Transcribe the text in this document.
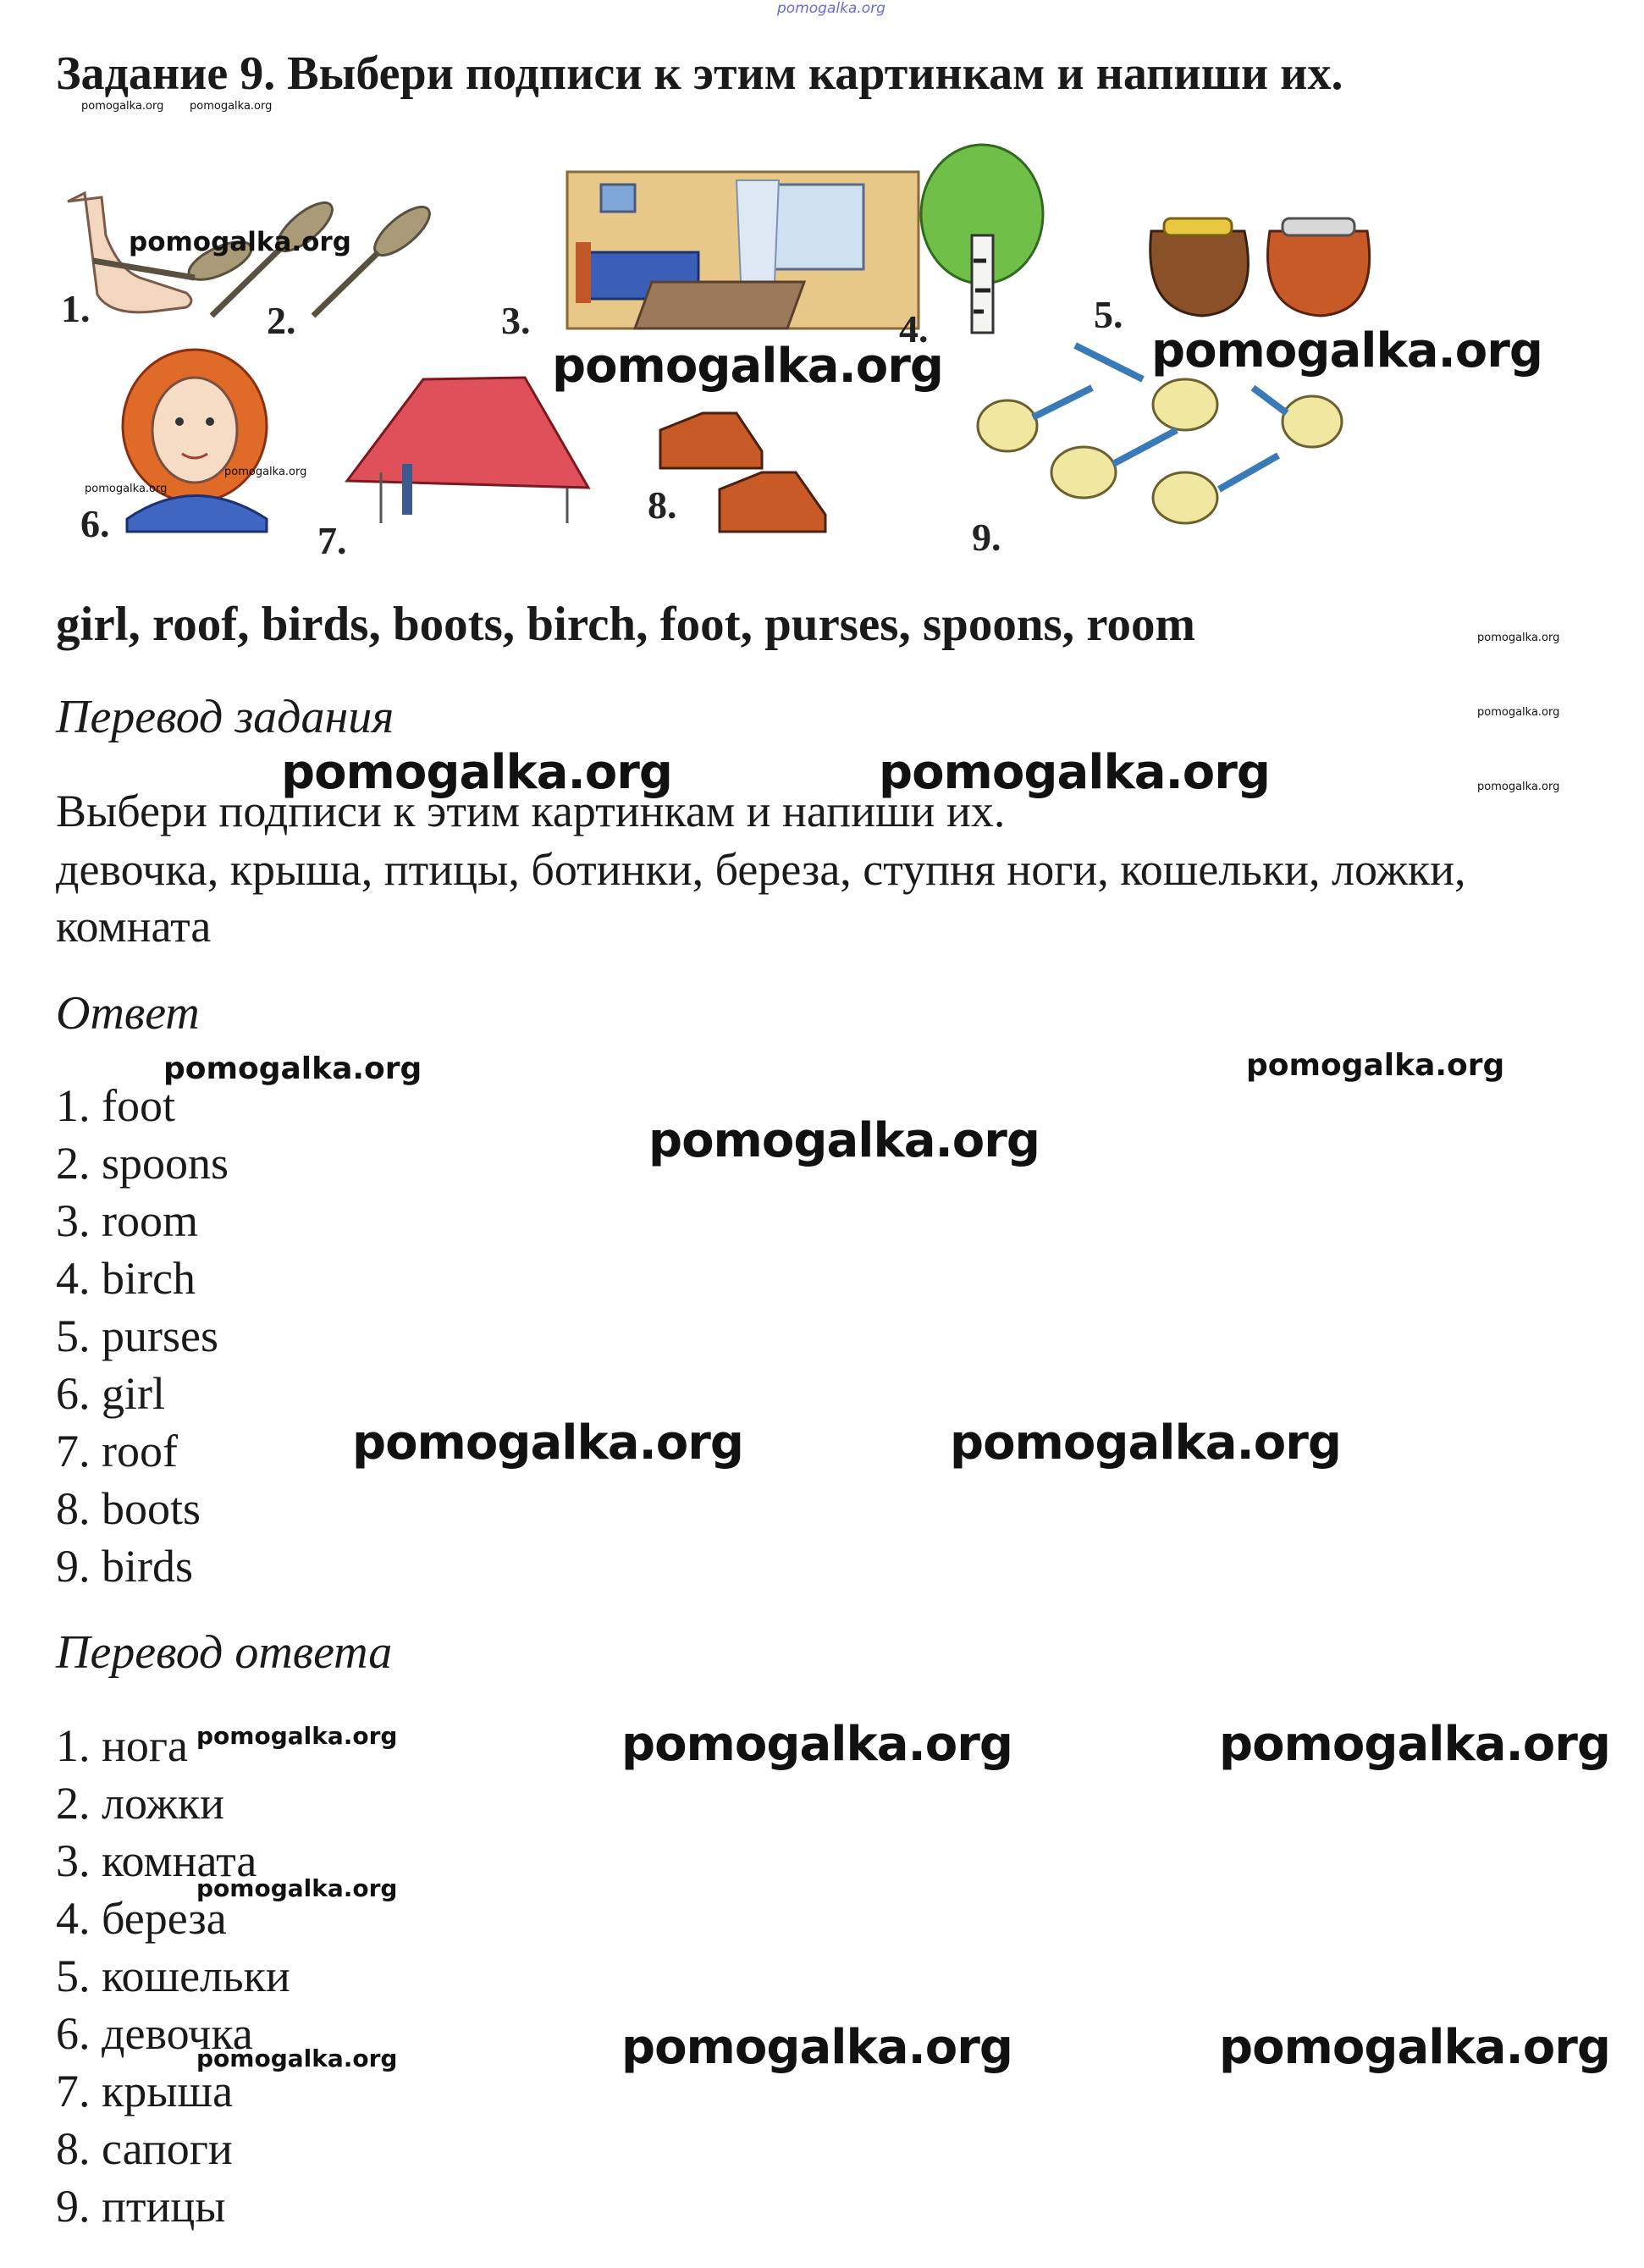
pomogalka.org
Задание 9. Выбери подписи к этим картинкам и напиши их.
pomogalka.org pomogalka.org
1.	2.	3.	4.	5.
6.	7.
8.
9.
pomogalka.org
pomogalka.org	pomogalka.org
pomogalka.org
pomogalka.org
girl, roof, birds, boots, birch, foot, purses, spoons, room	pomogalka.org
pomogalka.org
pomogalka.org
Перевод задания
Выбери подписи к этим картинкам и напиши их.
девочка, крыша, птицы, ботинки, береза, ступня ноги, кошельки, ложки,
комната
pomogalka.org	pomogalka.org
Ответ
1. foot
2. spoons
3. room
4. birch
5. purses
6. girl
7. roof
8. boots
9. birds
pomogalka.org	pomogalka.org
pomogalka.org
pomogalka.org	pomogalka.org
Перевод ответа
1. нога
2. ложки
3. комната
4. береза
5. кошельки
6. девочка
7. крыша
8. сапоги
9. птицы
pomogalka.org
pomogalka.org
pomogalka.org
pomogalka.org	pomogalka.org
pomogalka.org	pomogalka.org
